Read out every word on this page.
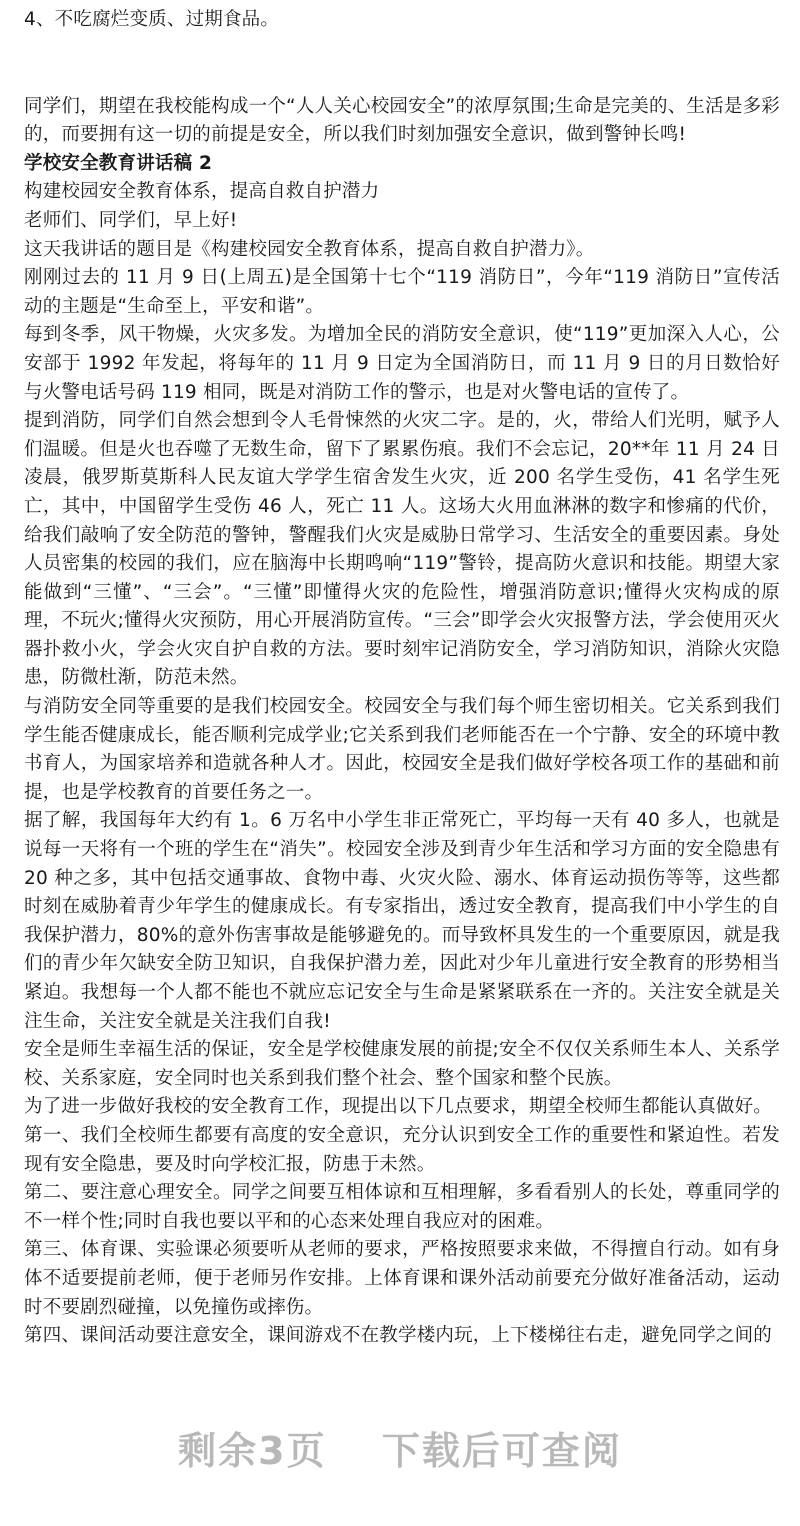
4、不吃腐烂变质、过期食品。

同学们，期望在我校能构成一个“人人关心校园安全”的浓厚氛围;生命是完美的、生活是多彩的，而要拥有这一切的前提是安全，所以我们时刻加强安全意识，做到警钟长鸣!

学校安全教育讲话稿 2

构建校园安全教育体系，提高自救自护潜力

老师们、同学们，早上好!

这天我讲话的题目是《构建校园安全教育体系，提高自救自护潜力》。

刚刚过去的 11 月 9 日(上周五)是全国第十七个“119 消防日”，今年“119 消防日”宣传活动的主题是“生命至上，平安和谐”。

每到冬季，风干物燥，火灾多发。为增加全民的消防安全意识，使“119”更加深入人心，公安部于 1992 年发起，将每年的 11 月 9 日定为全国消防日，而 11 月 9 日的月日数恰好与火警电话号码 119 相同，既是对消防工作的警示，也是对火警电话的宣传了。

提到消防，同学们自然会想到令人毛骨悚然的火灾二字。是的，火，带给人们光明，赋予人们温暖。但是火也吞噬了无数生命，留下了累累伤痕。我们不会忘记，20**年 11 月 24 日凌晨，俄罗斯莫斯科人民友谊大学学生宿舍发生火灾，近 200 名学生受伤，41 名学生死亡，其中，中国留学生受伤 46 人，死亡 11 人。这场大火用血淋淋的数字和惨痛的代价，给我们敲响了安全防范的警钟，警醒我们火灾是威胁日常学习、生活安全的重要因素。身处人员密集的校园的我们，应在脑海中长期鸣响“119”警铃，提高防火意识和技能。期望大家能做到“三懂”、“三会”。“三懂”即懂得火灾的危险性，增强消防意识;懂得火灾构成的原理，不玩火;懂得火灾预防，用心开展消防宣传。“三会”即学会火灾报警方法，学会使用灭火器扑救小火，学会火灾自护自救的方法。要时刻牢记消防安全，学习消防知识，消除火灾隐患，防微杜渐，防范未然。

与消防安全同等重要的是我们校园安全。校园安全与我们每个师生密切相关。它关系到我们学生能否健康成长，能否顺利完成学业;它关系到我们老师能否在一个宁静、安全的环境中教书育人，为国家培养和造就各种人才。因此，校园安全是我们做好学校各项工作的基础和前提，也是学校教育的首要任务之一。

据了解，我国每年大约有 1。6 万名中小学生非正常死亡，平均每一天有 40 多人，也就是说每一天将有一个班的学生在“消失”。校园安全涉及到青少年生活和学习方面的安全隐患有 20 种之多，其中包括交通事故、食物中毒、火灾火险、溺水、体育运动损伤等等，这些都时刻在威胁着青少年学生的健康成长。有专家指出，透过安全教育，提高我们中小学生的自我保护潜力，80%的意外伤害事故是能够避免的。而导致杯具发生的一个重要原因，就是我们的青少年欠缺安全防卫知识，自我保护潜力差，因此对少年儿童进行安全教育的形势相当紧迫。我想每一个人都不能也不就应忘记安全与生命是紧紧联系在一齐的。关注安全就是关注生命，关注安全就是关注我们自我!

安全是师生幸福生活的保证，安全是学校健康发展的前提;安全不仅仅关系师生本人、关系学校、关系家庭，安全同时也关系到我们整个社会、整个国家和整个民族。

为了进一步做好我校的安全教育工作，现提出以下几点要求，期望全校师生都能认真做好。

第一、我们全校师生都要有高度的安全意识，充分认识到安全工作的重要性和紧迫性。若发现有安全隐患，要及时向学校汇报，防患于未然。

第二、要注意心理安全。同学之间要互相体谅和互相理解，多看看别人的长处，尊重同学的不一样个性;同时自我也要以平和的心态来处理自我应对的困难。

第三、体育课、实验课必须要听从老师的要求，严格按照要求来做，不得擅自行动。如有身体不适要提前老师，便于老师另作安排。上体育课和课外活动前要充分做好准备活动，运动时不要剧烈碰撞，以免撞伤或摔伤。

第四、课间活动要注意安全，课间游戏不在教学楼内玩，上下楼梯往右走，避免同学之间的

剩余3页 下载后可查阅
